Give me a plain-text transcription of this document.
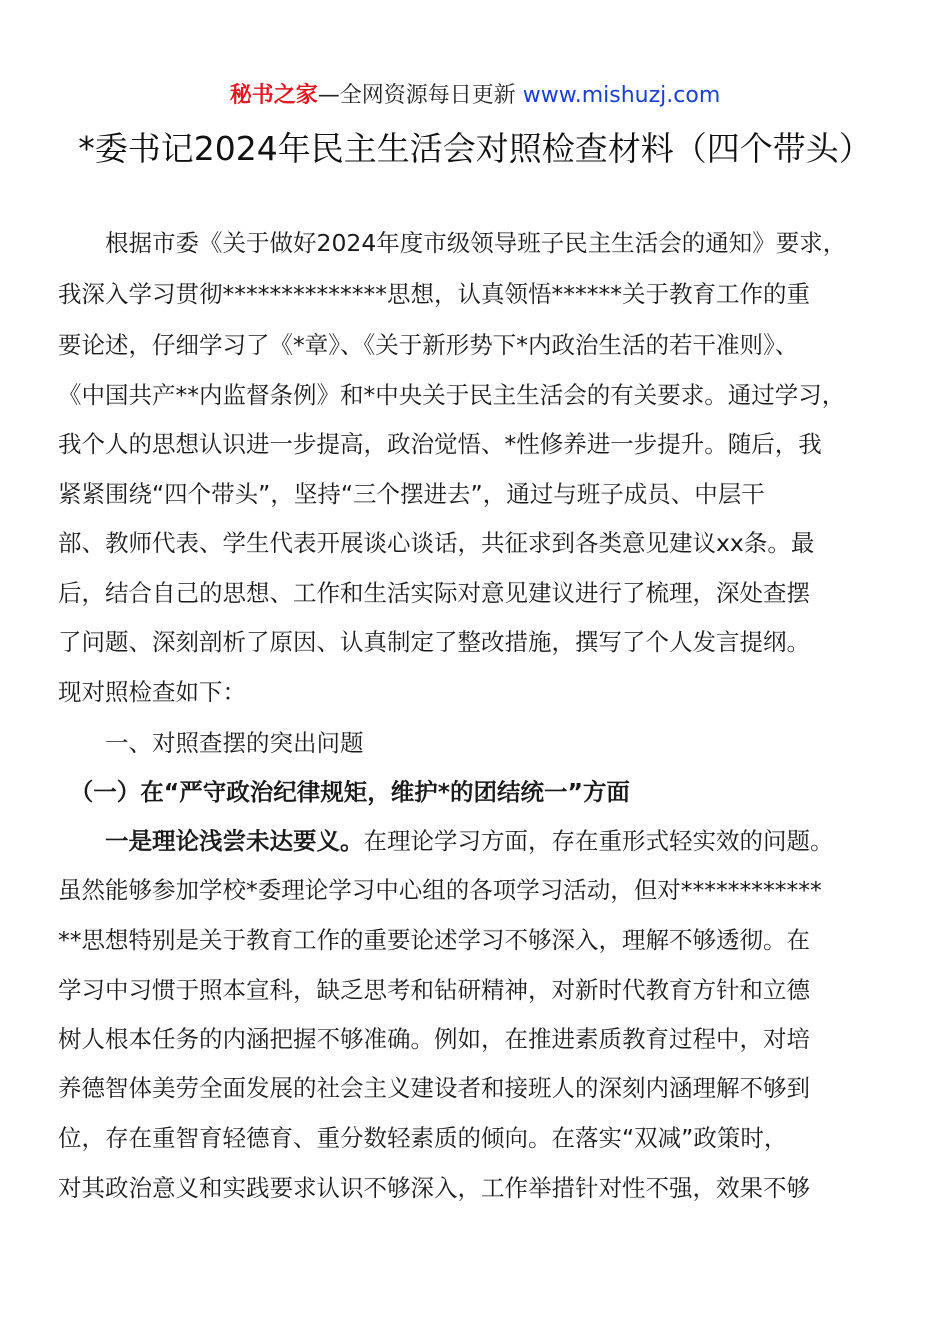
秘书之家—全网资源每日更新 www.mishuzj.com
*委书记2024年民主生活会对照检查材料（四个带头）
　　根据市委《关于做好2024年度市级领导班子民主生活会的通知》要求，
我深入学习贯彻**************思想，认真领悟******关于教育工作的重
要论述，仔细学习了《*章》、《关于新形势下*内政治生活的若干准则》、
《中国共产**内监督条例》和*中央关于民主生活会的有关要求。通过学习，
我个人的思想认识进一步提高，政治觉悟、*性修养进一步提升。随后，我
紧紧围绕“四个带头”，坚持“三个摆进去”，通过与班子成员、中层干
部、教师代表、学生代表开展谈心谈话，共征求到各类意见建议xx条。最
后，结合自己的思想、工作和生活实际对意见建议进行了梳理，深处查摆
了问题、深刻剖析了原因、认真制定了整改措施，撰写了个人发言提纲。
现对照检查如下：
　　一、对照查摆的突出问题
　（一）在“严守政治纪律规矩，维护*的团结统一”方面
　　一是理论浅尝未达要义。在理论学习方面，存在重形式轻实效的问题。
虽然能够参加学校*委理论学习中心组的各项学习活动，但对************
**思想特别是关于教育工作的重要论述学习不够深入，理解不够透彻。在
学习中习惯于照本宣科，缺乏思考和钻研精神，对新时代教育方针和立德
树人根本任务的内涵把握不够准确。例如，在推进素质教育过程中，对培
养德智体美劳全面发展的社会主义建设者和接班人的深刻内涵理解不够到
位，存在重智育轻德育、重分数轻素质的倾向。在落实“双减”政策时，
对其政治意义和实践要求认识不够深入，工作举措针对性不强，效果不够
